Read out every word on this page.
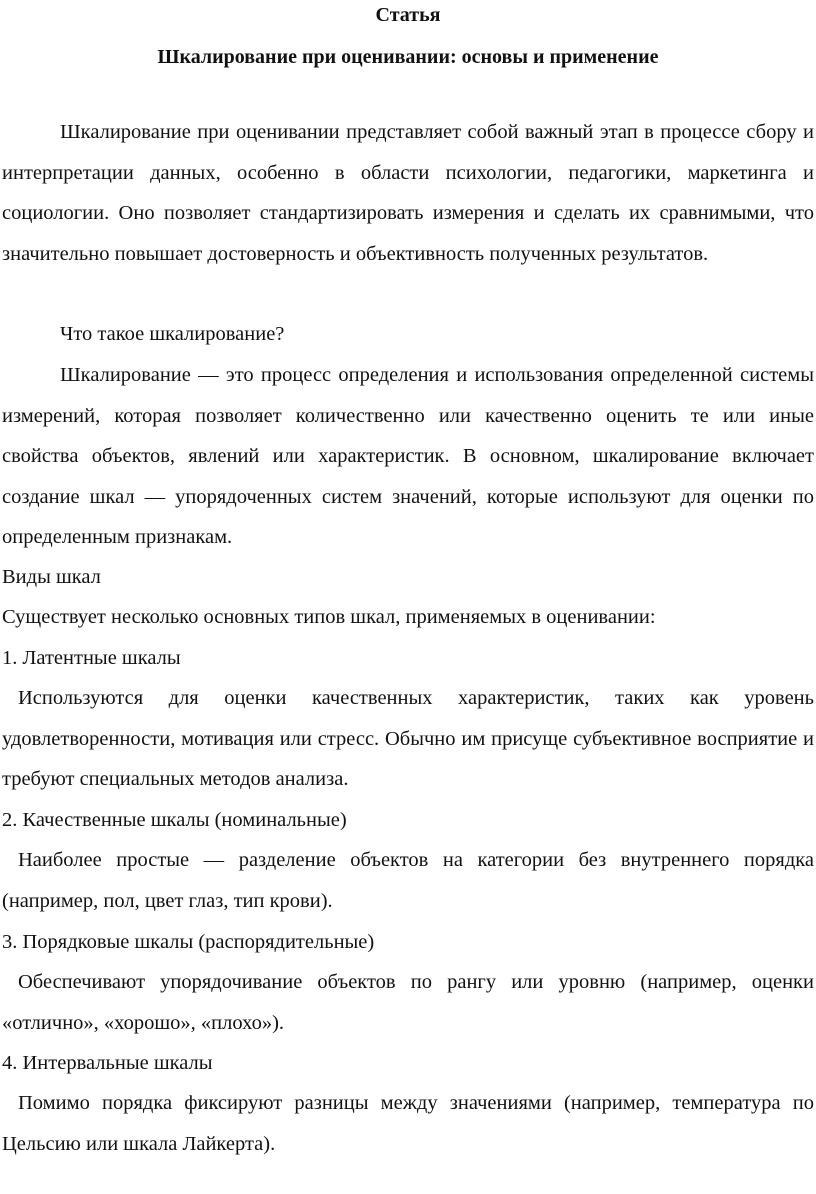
Статья
Шкалирование при оценивании: основы и применение

Шкалирование при оценивании представляет собой важный этап в процессе сбору и интерпретации данных, особенно в области психологии, педагогики, маркетинга и социологии. Оно позволяет стандартизировать измерения и сделать их сравнимыми, что значительно повышает достоверность и объективность полученных результатов.

Что такое шкалирование?

Шкалирование — это процесс определения и использования определенной системы измерений, которая позволяет количественно или качественно оценить те или иные свойства объектов, явлений или характеристик. В основном, шкалирование включает создание шкал — упорядоченных систем значений, которые используют для оценки по определенным признакам.

Виды шкал

Существует несколько основных типов шкал, применяемых в оценивании:

1. Латентные шкалы

Используются для оценки качественных характеристик, таких как уровень удовлетворенности, мотивация или стресс. Обычно им присуще субъективное восприятие и требуют специальных методов анализа.

2. Качественные шкалы (номинальные)

Наиболее простые — разделение объектов на категории без внутреннего порядка (например, пол, цвет глаз, тип крови).

3. Порядковые шкалы (распорядительные)

Обеспечивают упорядочивание объектов по рангу или уровню (например, оценки «отлично», «хорошо», «плохо»).

4. Интервальные шкалы

Помимо порядка фиксируют разницы между значениями (например, температура по Цельсию или шкала Лайкерта).
